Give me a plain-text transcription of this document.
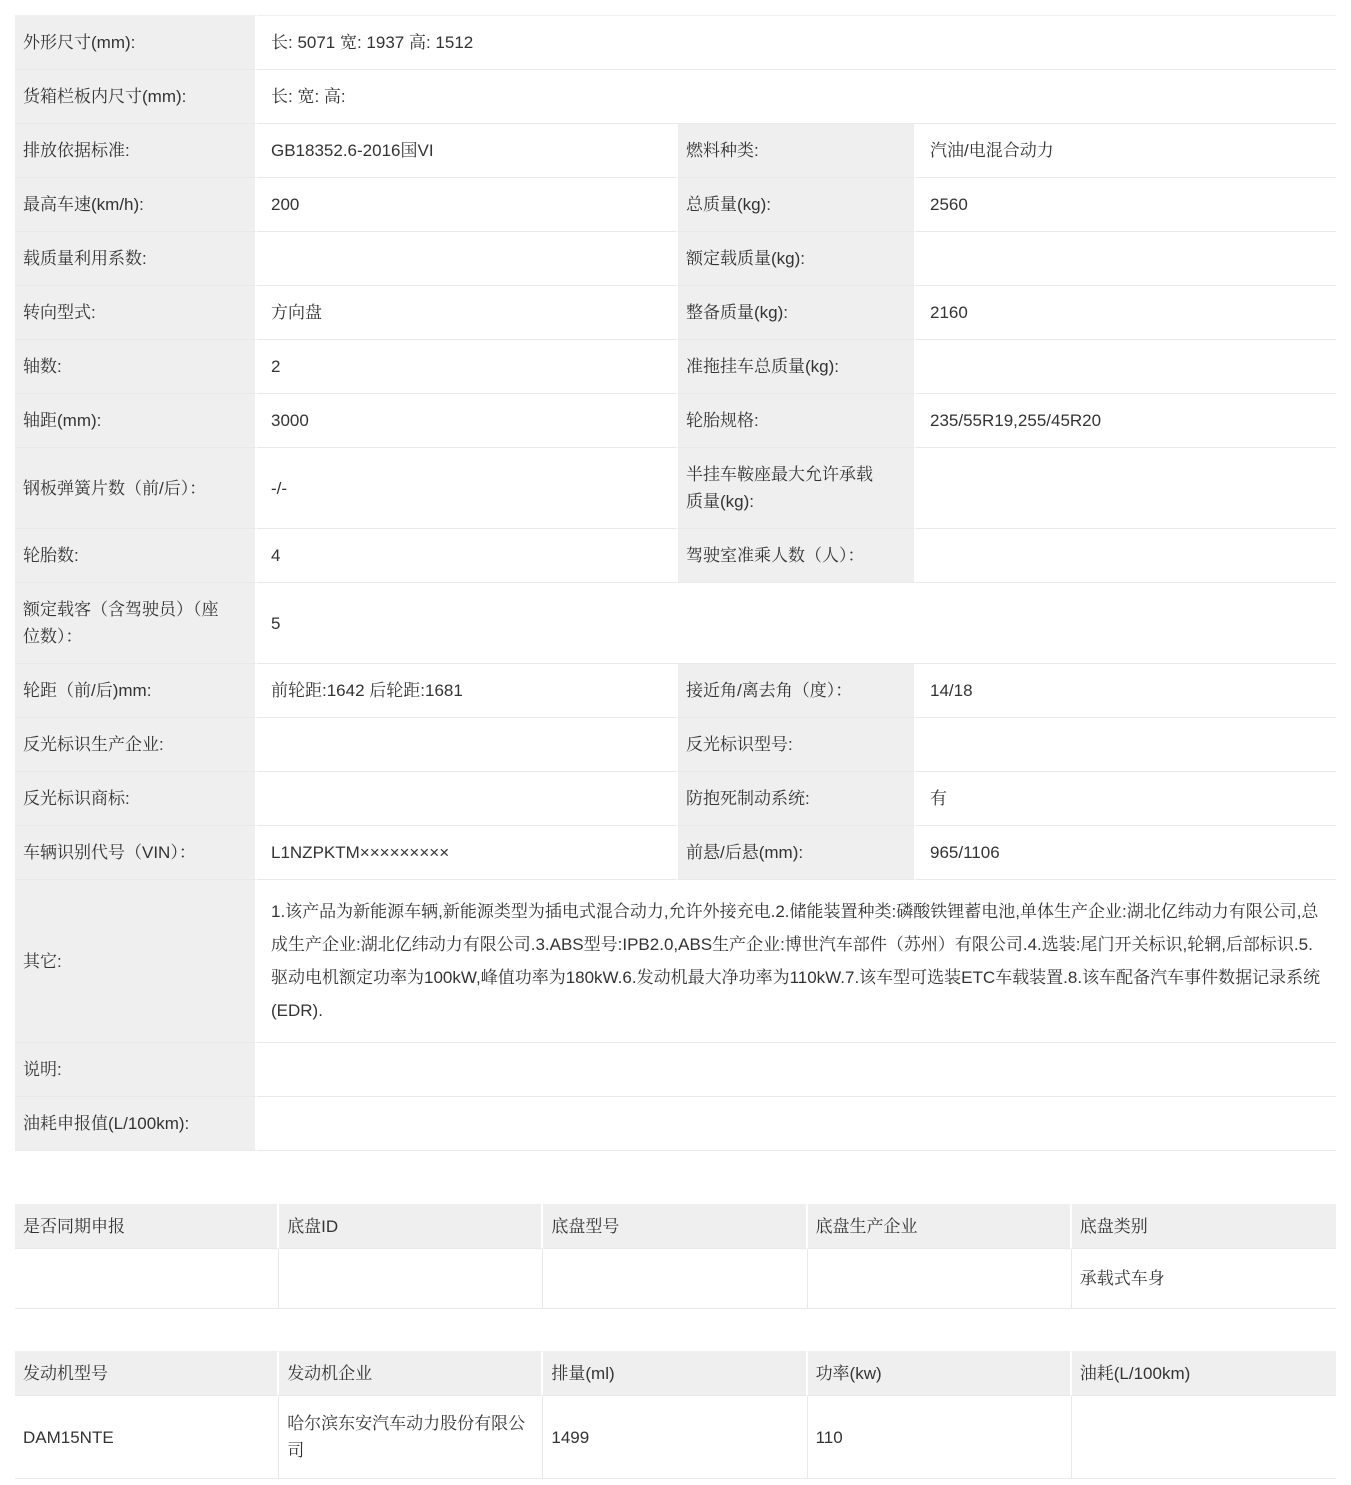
外形尺寸(mm):	长: 5071 宽: 1937 高: 1512		
货箱栏板内尺寸(mm):	长: 宽: 高:		
排放依据标准:	GB18352.6-2016国VI	燃料种类:	汽油/电混合动力
最高车速(km/h):	200	总质量(kg):	2560
载质量利用系数:		额定载质量(kg):	
转向型式:	方向盘	整备质量(kg):	2160
轴数:	2	准拖挂车总质量(kg):	
轴距(mm):	3000	轮胎规格:	235/55R19,255/45R20
钢板弹簧片数（前/后）：	-/-	半挂车鞍座最大允许承载质量(kg):	
轮胎数:	4	驾驶室准乘人数（人）：	
额定载客（含驾驶员）（座位数）：	5		
轮距（前/后)mm:	前轮距:1642 后轮距:1681	接近角/离去角（度）：	14/18
反光标识生产企业:		反光标识型号:	
反光标识商标:		防抱死制动系统:	有
车辆识别代号（VIN）：	L1NZPKTM×××××××××	前悬/后悬(mm):	965/1106
其它:	1.该产品为新能源车辆,新能源类型为插电式混合动力,允许外接充电.2.储能装置种类:磷酸铁锂蓄电池,单体生产企业:湖北亿纬动力有限公司,总成生产企业:湖北亿纬动力有限公司.3.ABS型号:IPB2.0,ABS生产企业:博世汽车部件（苏州）有限公司.4.选装:尾门开关标识,轮辋,后部标识.5.驱动电机额定功率为100kW,峰值功率为180kW.6.发动机最大净功率为110kW.7.该车型可选装ETC车载装置.8.该车配备汽车事件数据记录系统(EDR).		
说明:			
油耗申报值(L/100km):			
是否同期申报	底盘ID	底盘型号	底盘生产企业	底盘类别
				承载式车身
发动机型号	发动机企业	排量(ml)	功率(kw)	油耗(L/100km)
DAM15NTE	哈尔滨东安汽车动力股份有限公司	1499	110	
